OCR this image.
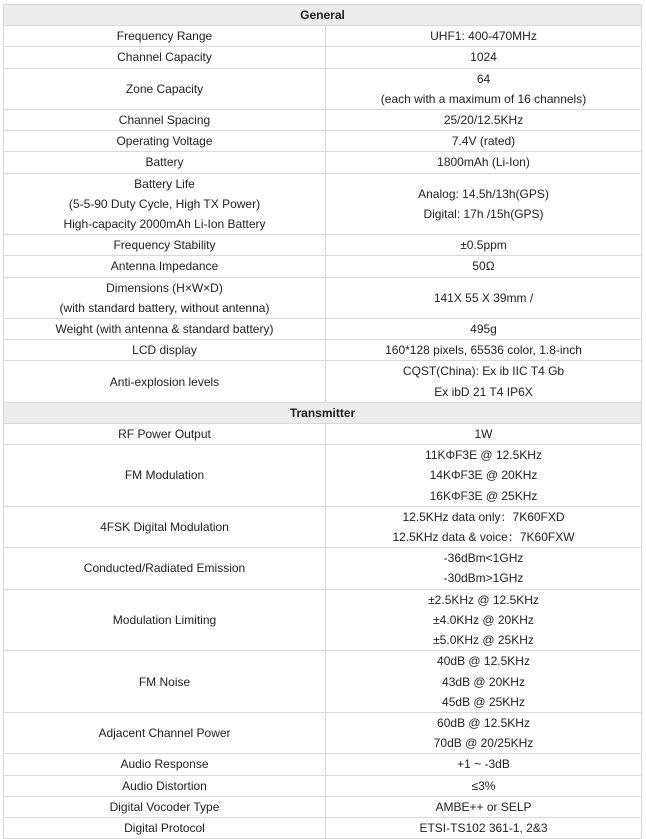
General	

Frequency Range	UHF1: 400-470MHz

Channel Capacity	1024

Zone Capacity	64
(each with a maximum of 16 channels)

Channel Spacing	25/20/12.5KHz

Operating Voltage	7.4V (rated)

Battery	1800mAh (Li-Ion)

Battery Life
(5-5-90 Duty Cycle, High TX Power)
High-capacity 2000mAh Li-Ion Battery	Analog: 14.5h/13h(GPS)
Digital: 17h /15h(GPS)

Frequency Stability	±0.5ppm

Antenna Impedance	50Ω

Dimensions (H×W×D)
(with standard battery, without antenna)	141X 55 X 39mm /

Weight (with antenna & standard battery)	495g

LCD display	160*128 pixels, 65536 color, 1.8-inch

Anti-explosion levels	CQST(China): Ex ib IIC T4 Gb
Ex ibD 21 T4 IP6X

Transmitter	

RF Power Output	1W

FM Modulation	11KΦF3E @ 12.5KHz
14KΦF3E @ 20KHz
16KΦF3E @ 25KHz

4FSK Digital Modulation	12.5KHz data only：7K60FXD
12.5KHz data & voice：7K60FXW

Conducted/Radiated Emission	-36dBm<1GHz
-30dBm>1GHz

Modulation Limiting	±2.5KHz @ 12.5KHz
±4.0KHz @ 20KHz
±5.0KHz @ 25KHz

FM Noise	40dB @ 12.5KHz
43dB @ 20KHz
45dB @ 25KHz

Adjacent Channel Power	60dB @ 12.5KHz
70dB @ 20/25KHz

Audio Response	+1 ~ -3dB

Audio Distortion	≤3%

Digital Vocoder Type	AMBE++ or SELP

Digital Protocol	ETSI-TS102 361-1, 2&3
